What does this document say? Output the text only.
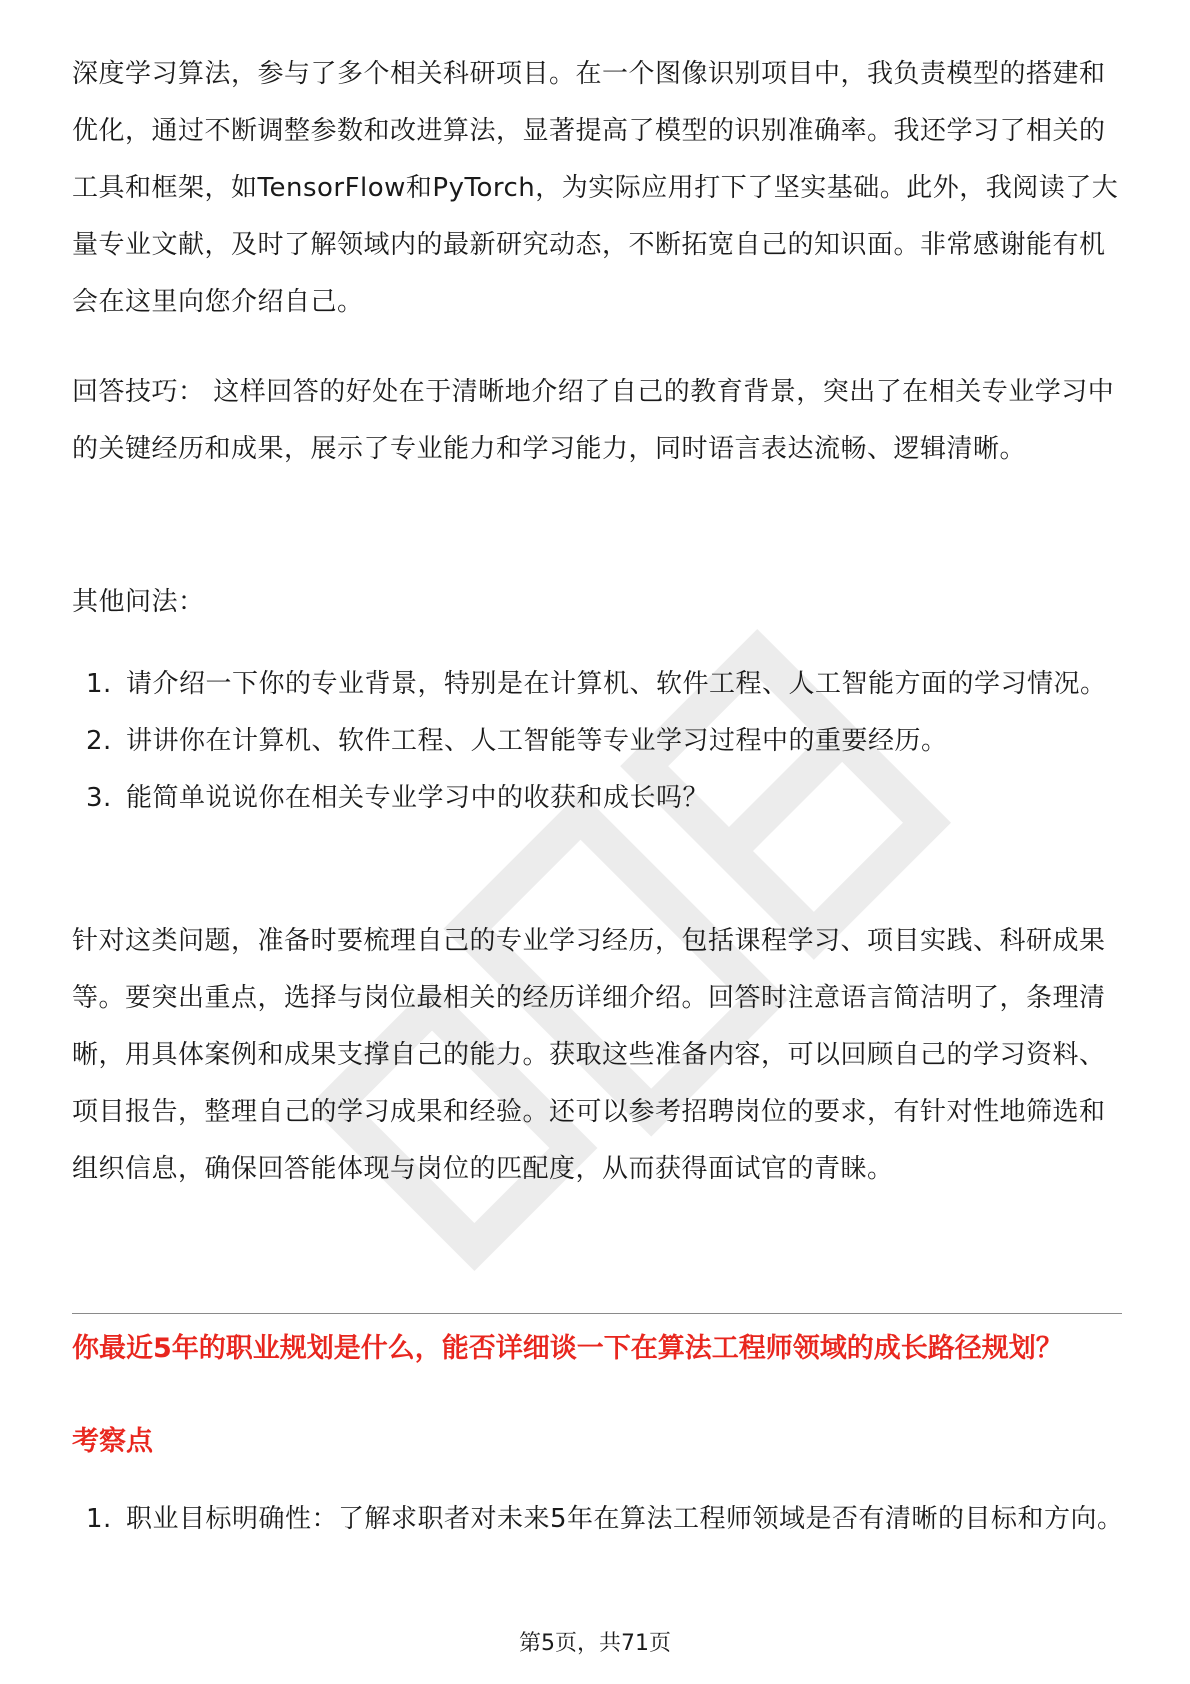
深度学习算法，参与了多个相关科研项目。在一个图像识别项目中，我负责模型的搭建和优化，通过不断调整参数和改进算法，显著提高了模型的识别准确率。我还学习了相关的工具和框架，如TensorFlow和PyTorch，为实际应用打下了坚实基础。此外，我阅读了大量专业文献，及时了解领域内的最新研究动态，不断拓宽自己的知识面。非常感谢能有机会在这里向您介绍自己。

回答技巧： 这样回答的好处在于清晰地介绍了自己的教育背景，突出了在相关专业学习中的关键经历和成果，展示了专业能力和学习能力，同时语言表达流畅、逻辑清晰。

其他问法：

1. 请介绍一下你的专业背景，特别是在计算机、软件工程、人工智能方面的学习情况。
2. 讲讲你在计算机、软件工程、人工智能等专业学习过程中的重要经历。
3. 能简单说说你在相关专业学习中的收获和成长吗？

针对这类问题，准备时要梳理自己的专业学习经历，包括课程学习、项目实践、科研成果等。要突出重点，选择与岗位最相关的经历详细介绍。回答时注意语言简洁明了，条理清晰，用具体案例和成果支撑自己的能力。获取这些准备内容，可以回顾自己的学习资料、项目报告，整理自己的学习成果和经验。还可以参考招聘岗位的要求，有针对性地筛选和组织信息，确保回答能体现与岗位的匹配度，从而获得面试官的青睐。

你最近5年的职业规划是什么，能否详细谈一下在算法工程师领域的成长路径规划？
考察点
1. 职业目标明确性：了解求职者对未来5年在算法工程师领域是否有清晰的目标和方向。
第5页，共71页
